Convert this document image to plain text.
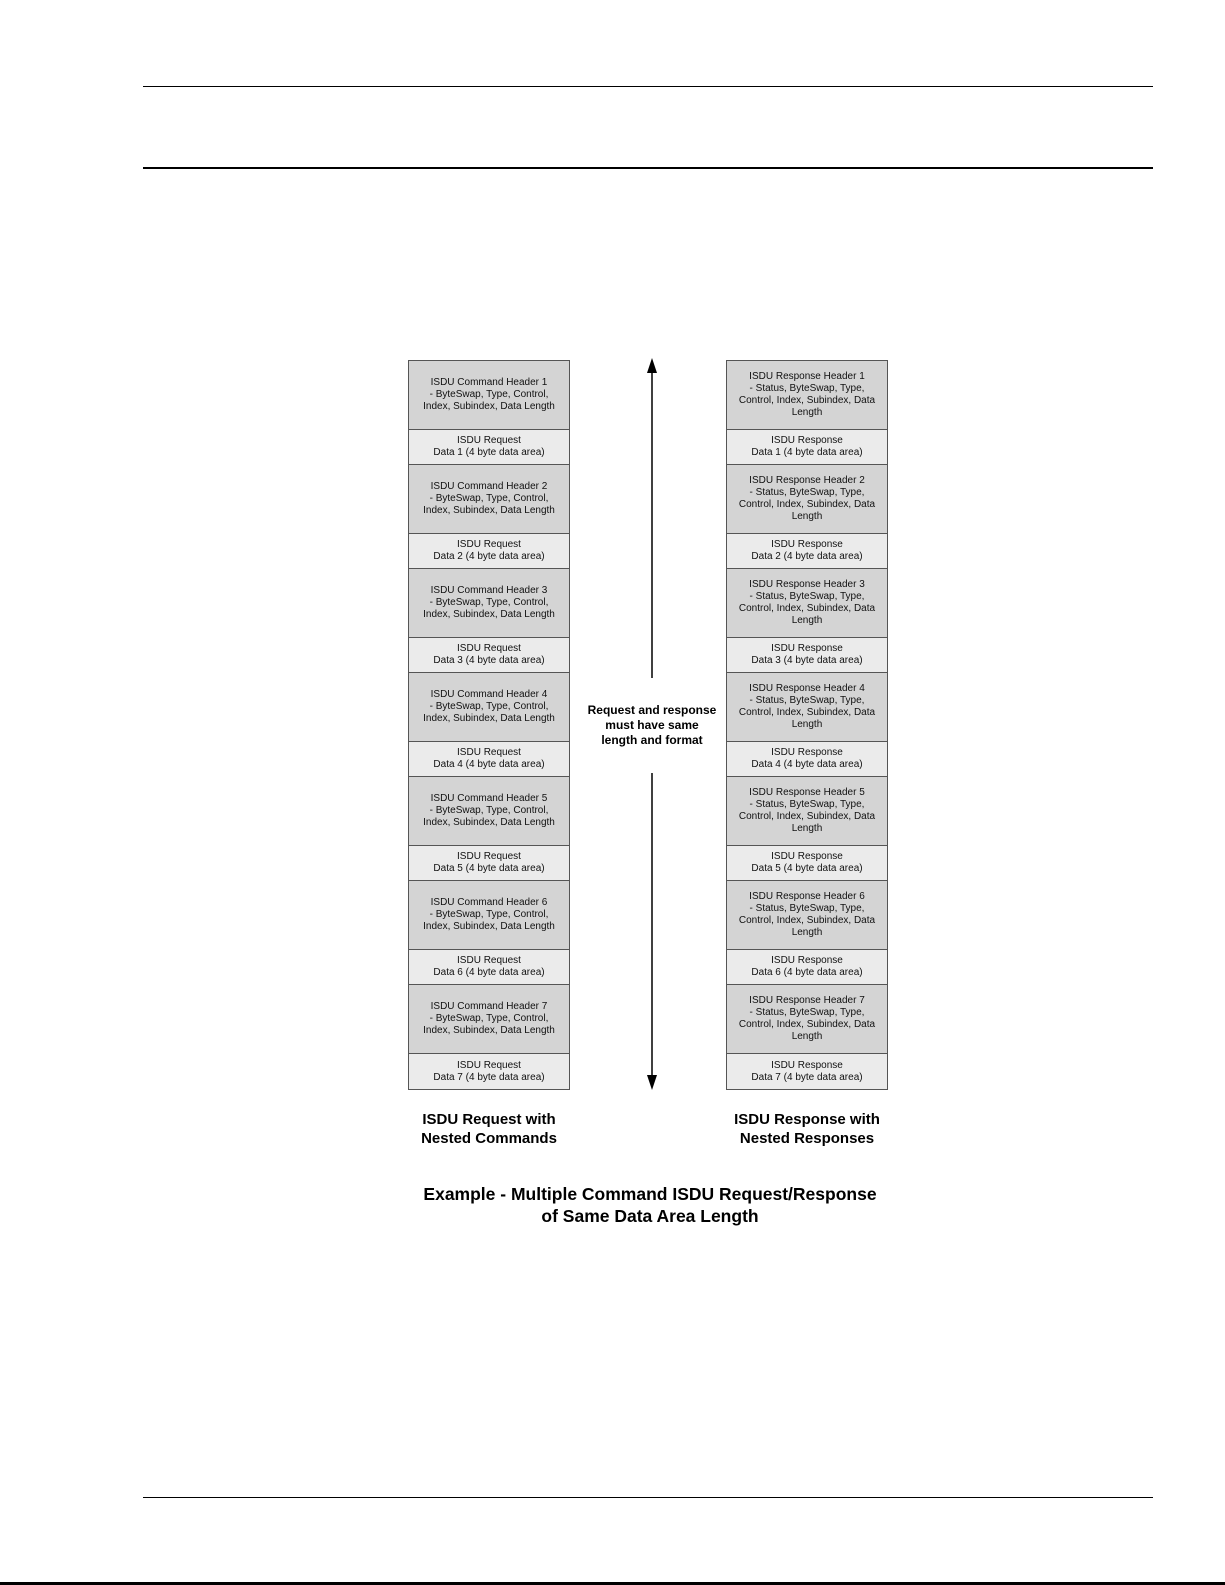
ISDU Command Header 1
- ByteSwap, Type, Control,
Index, Subindex, Data Length
ISDU Request
Data 1 (4 byte data area)
ISDU Command Header 2
- ByteSwap, Type, Control,
Index, Subindex, Data Length
ISDU Request
Data 2 (4 byte data area)
ISDU Command Header 3
- ByteSwap, Type, Control,
Index, Subindex, Data Length
ISDU Request
Data 3 (4 byte data area)
ISDU Command Header 4
- ByteSwap, Type, Control,
Index, Subindex, Data Length
ISDU Request
Data 4 (4 byte data area)
ISDU Command Header 5
- ByteSwap, Type, Control,
Index, Subindex, Data Length
ISDU Request
Data 5 (4 byte data area)
ISDU Command Header 6
- ByteSwap, Type, Control,
Index, Subindex, Data Length
ISDU Request
Data 6 (4 byte data area)
ISDU Command Header 7
- ByteSwap, Type, Control,
Index, Subindex, Data Length
ISDU Request
Data 7 (4 byte data area)
ISDU Response Header 1
- Status, ByteSwap, Type,
Control, Index, Subindex, Data
Length
ISDU Response
Data 1 (4 byte data area)
ISDU Response Header 2
- Status, ByteSwap, Type,
Control, Index, Subindex, Data
Length
ISDU Response
Data 2 (4 byte data area)
ISDU Response Header 3
- Status, ByteSwap, Type,
Control, Index, Subindex, Data
Length
ISDU Response
Data 3 (4 byte data area)
ISDU Response Header 4
- Status, ByteSwap, Type,
Control, Index, Subindex, Data
Length
ISDU Response
Data 4 (4 byte data area)
ISDU Response Header 5
- Status, ByteSwap, Type,
Control, Index, Subindex, Data
Length
ISDU Response
Data 5 (4 byte data area)
ISDU Response Header 6
- Status, ByteSwap, Type,
Control, Index, Subindex, Data
Length
ISDU Response
Data 6 (4 byte data area)
ISDU Response Header 7
- Status, ByteSwap, Type,
Control, Index, Subindex, Data
Length
ISDU Response
Data 7 (4 byte data area)
Request and response
must have same
length and format
ISDU Request with
Nested Commands
ISDU Response with
Nested Responses
Example - Multiple Command ISDU Request/Response
of Same Data Area Length
